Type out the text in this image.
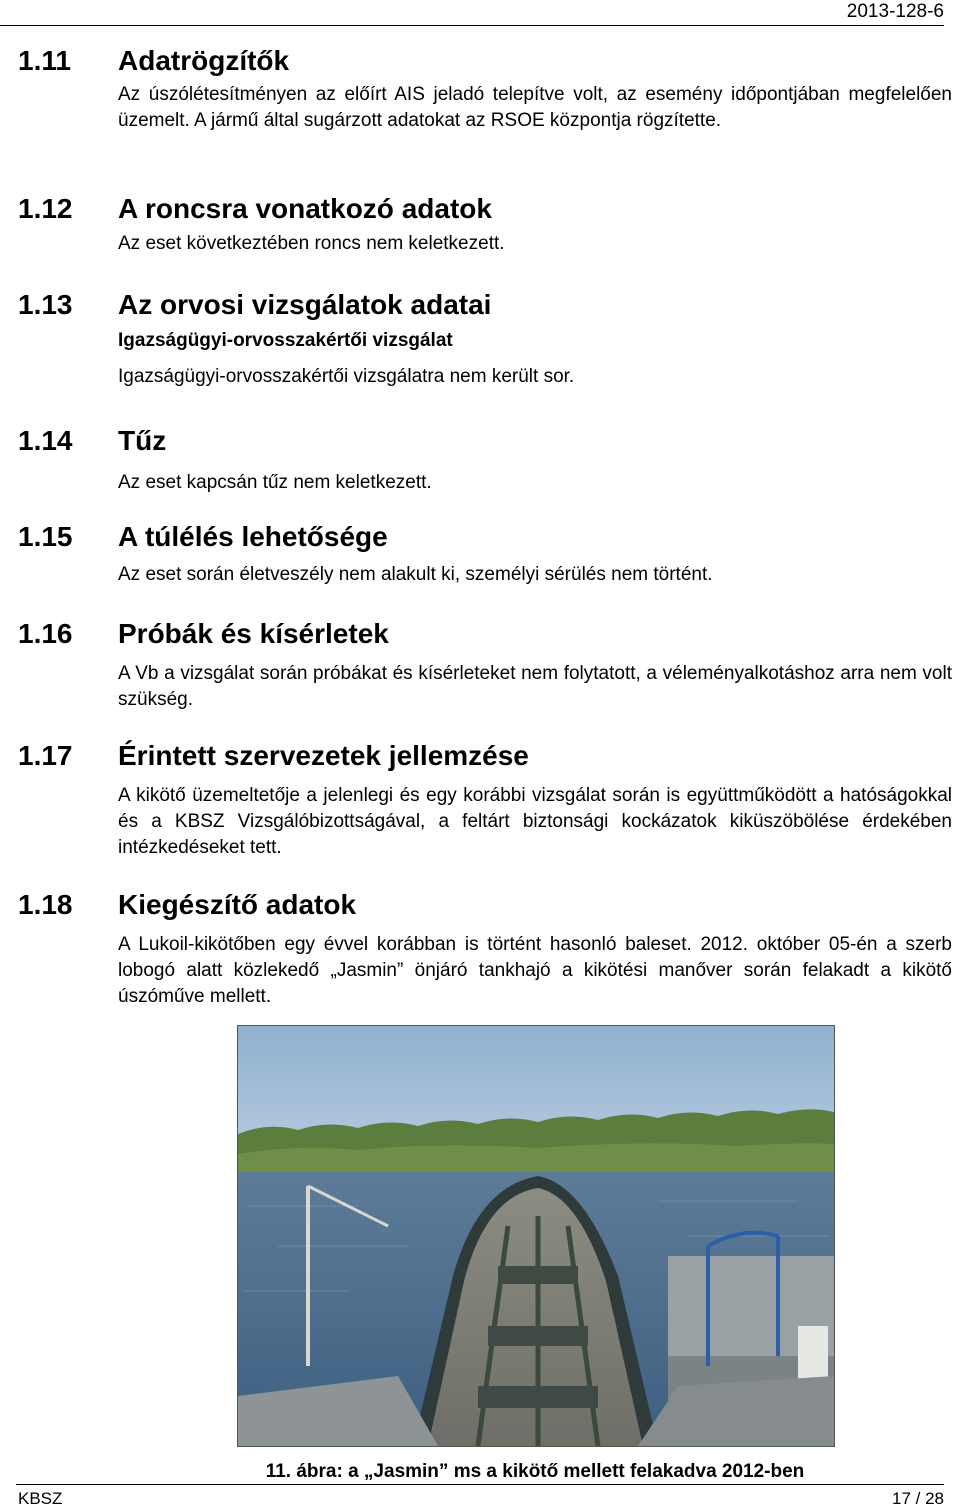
2013-128-6
1.11	Adatrögzítők

Az úszólétesítményen az előírt AIS jeladó telepítve volt, az esemény időpontjában megfelelően üzemelt. A jármű által sugárzott adatokat az RSOE központja rögzítette.

1.12	A roncsra vonatkozó adatok

Az eset következtében roncs nem keletkezett.

1.13	Az orvosi vizsgálatok adatai

Igazságügyi-orvosszakértői vizsgálat

Igazságügyi-orvosszakértői vizsgálatra nem került sor.

1.14	Tűz

Az eset kapcsán tűz nem keletkezett.

1.15	A túlélés lehetősége

Az eset során életveszély nem alakult ki, személyi sérülés nem történt.

1.16	Próbák és kísérletek

A Vb a vizsgálat során próbákat és kísérleteket nem folytatott, a véleményalkotáshoz arra nem volt szükség.

1.17	Érintett szervezetek jellemzése

A kikötő üzemeltetője a jelenlegi és egy korábbi vizsgálat során is együttműködött a hatóságokkal és a KBSZ Vizsgálóbizottságával, a feltárt biztonsági kockázatok kiküszöbölése érdekében intézkedéseket tett.

1.18	Kiegészítő adatok

A Lukoil-kikötőben egy évvel korábban is történt hasonló baleset. 2012. október 05-én a szerb lobogó alatt közlekedő „Jasmin” önjáró tankhajó a kikötési manőver során felakadt a kikötő úszóműve mellett.

11. ábra: a „Jasmin” ms a kikötő mellett felakadva 2012-ben
KBSZ	17 / 28
